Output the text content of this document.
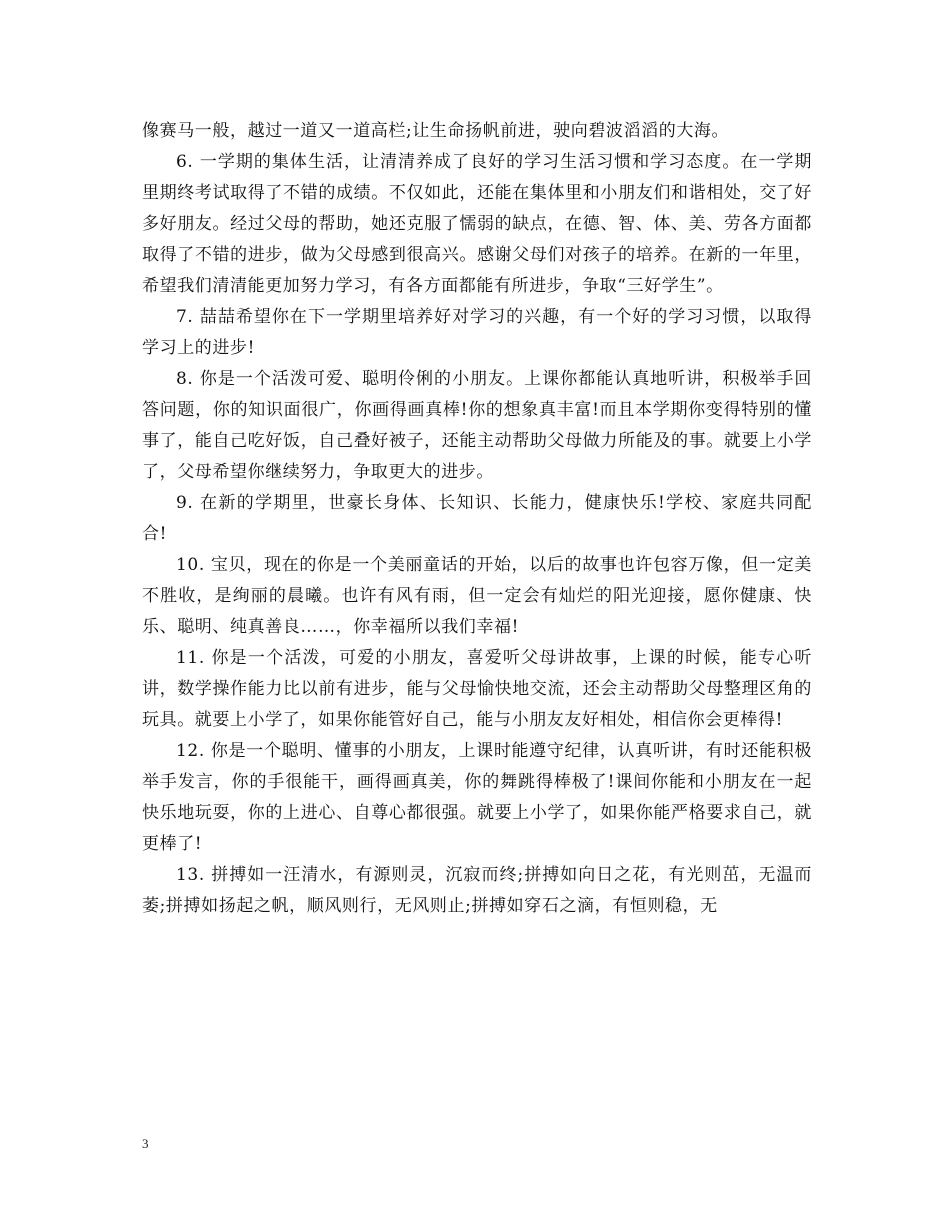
像赛马一般，越过一道又一道高栏;让生命扬帆前进，驶向碧波滔滔的大海。

6. 一学期的集体生活，让清清养成了良好的学习生活习惯和学习态度。在一学期里期终考试取得了不错的成绩。不仅如此，还能在集体里和小朋友们和谐相处，交了好多好朋友。经过父母的帮助，她还克服了懦弱的缺点，在德、智、体、美、劳各方面都取得了不错的进步，做为父母感到很高兴。感谢父母们对孩子的培养。在新的一年里，希望我们清清能更加努力学习，有各方面都能有所进步，争取“三好学生”。

7. 喆喆希望你在下一学期里培养好对学习的兴趣，有一个好的学习习惯，以取得学习上的进步!

8. 你是一个活泼可爱、聪明伶俐的小朋友。上课你都能认真地听讲，积极举手回答问题，你的知识面很广，你画得画真棒!你的想象真丰富!而且本学期你变得特别的懂事了，能自己吃好饭，自己叠好被子，还能主动帮助父母做力所能及的事。就要上小学了，父母希望你继续努力，争取更大的进步。

9. 在新的学期里，世豪长身体、长知识、长能力，健康快乐!学校、家庭共同配合!

10. 宝贝，现在的你是一个美丽童话的开始，以后的故事也许包容万像，但一定美不胜收，是绚丽的晨曦。也许有风有雨，但一定会有灿烂的阳光迎接，愿你健康、快乐、聪明、纯真善良……，你幸福所以我们幸福!

11. 你是一个活泼，可爱的小朋友，喜爱听父母讲故事，上课的时候，能专心听讲，数学操作能力比以前有进步，能与父母愉快地交流，还会主动帮助父母整理区角的玩具。就要上小学了，如果你能管好自己，能与小朋友友好相处，相信你会更棒得!

12. 你是一个聪明、懂事的小朋友，上课时能遵守纪律，认真听讲，有时还能积极举手发言，你的手很能干，画得画真美，你的舞跳得棒极了!课间你能和小朋友在一起快乐地玩耍，你的上进心、自尊心都很强。就要上小学了，如果你能严格要求自己，就更棒了!

13. 拼搏如一汪清水，有源则灵，沉寂而终;拼搏如向日之花，有光则茁，无温而萎;拼搏如扬起之帆，顺风则行，无风则止;拼搏如穿石之滴，有恒则稳，无

3
